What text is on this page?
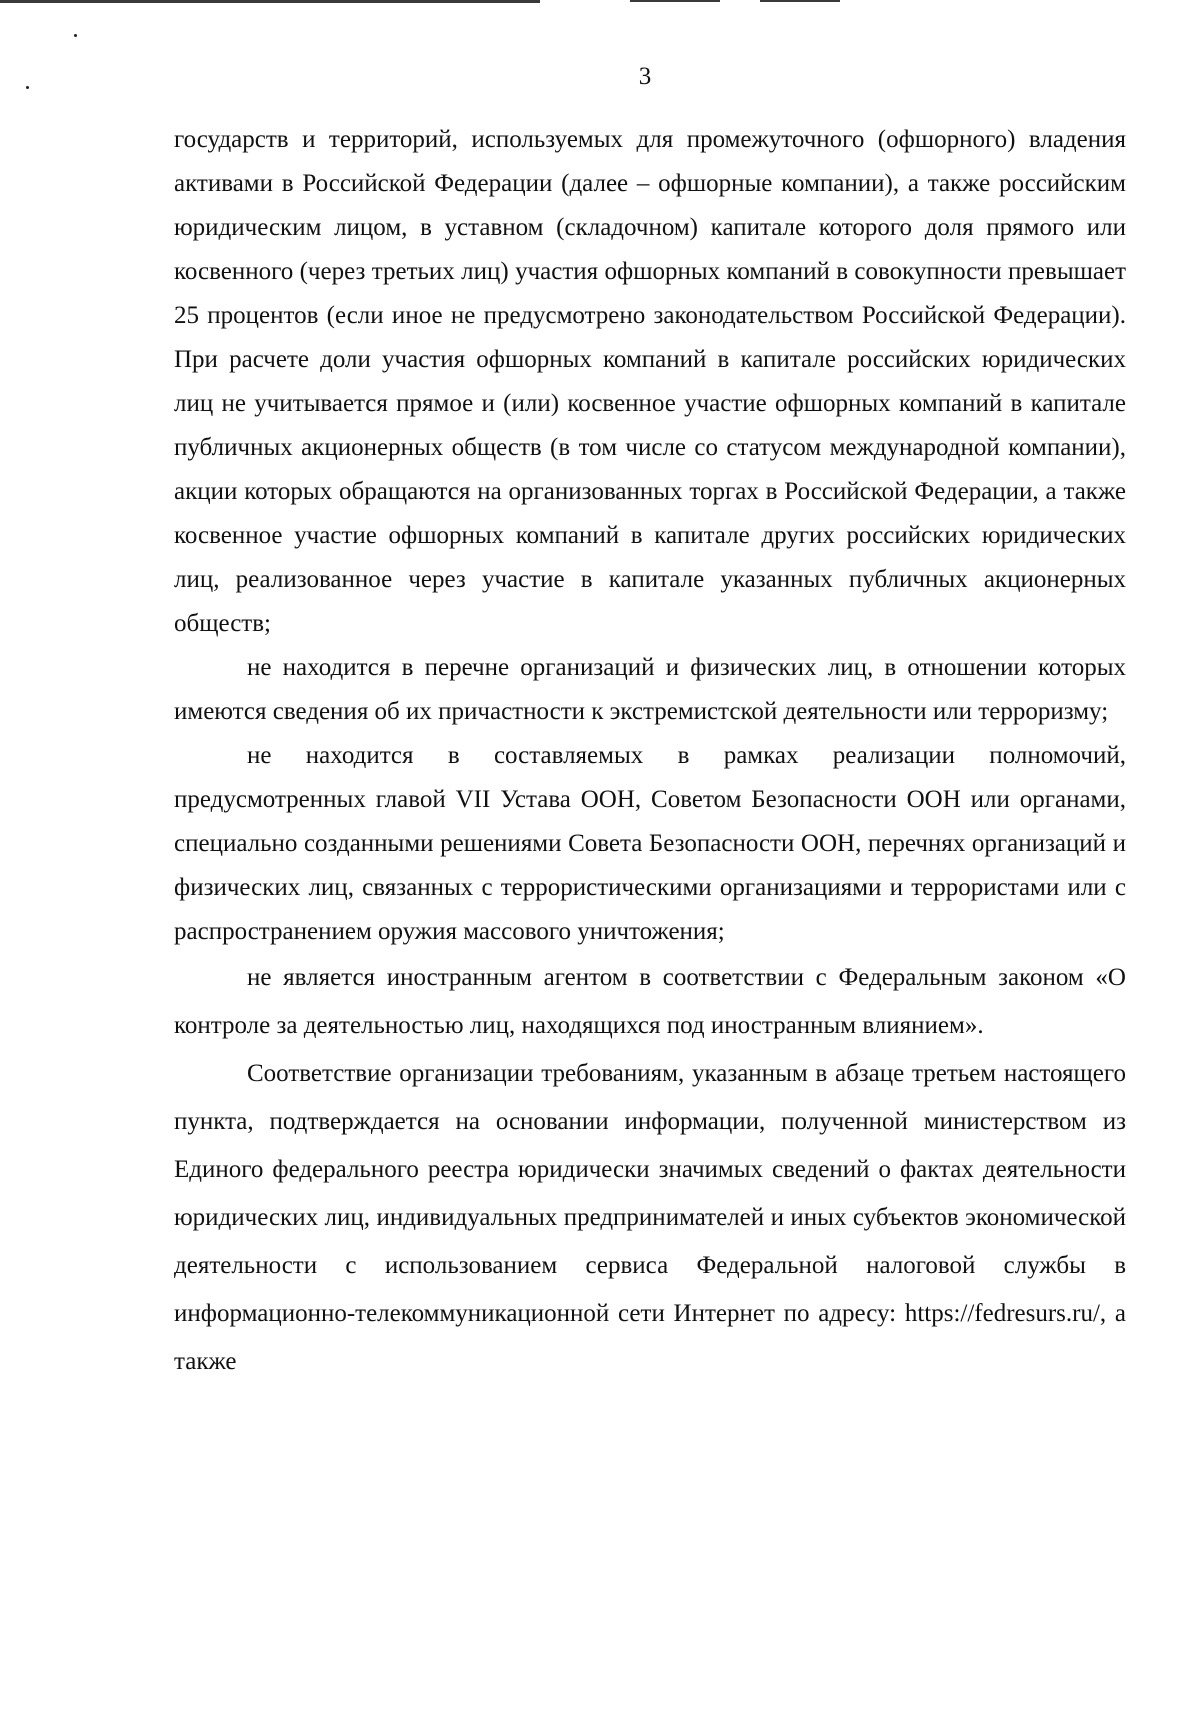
3

государств и территорий, используемых для промежуточного (офшорного) владения активами в Российской Федерации (далее – офшорные компании), а также российским юридическим лицом, в уставном (складочном) капитале которого доля прямого или косвенного (через третьих лиц) участия офшорных компаний в совокупности превышает 25 процентов (если иное не предусмотрено законодательством Российской Федерации). При расчете доли участия офшорных компаний в капитале российских юридических лиц не учитывается прямое и (или) косвенное участие офшорных компаний в капитале публичных акционерных обществ (в том числе со статусом международной компании), акции которых обращаются на организованных торгах в Российской Федерации, а также косвенное участие офшорных компаний в капитале других российских юридических лиц, реализованное через участие в капитале указанных публичных акционерных обществ;

не находится в перечне организаций и физических лиц, в отношении которых имеются сведения об их причастности к экстремистской деятельности или терроризму;

не находится в составляемых в рамках реализации полномочий, предусмотренных главой VII Устава ООН, Советом Безопасности ООН или органами, специально созданными решениями Совета Безопасности ООН, перечнях организаций и физических лиц, связанных с террористическими организациями и террористами или с распространением оружия массового уничтожения;

не является иностранным агентом в соответствии с Федеральным законом «О контроле за деятельностью лиц, находящихся под иностранным влиянием».

Соответствие организации требованиям, указанным в абзаце третьем настоящего пункта, подтверждается на основании информации, полученной министерством из Единого федерального реестра юридически значимых сведений о фактах деятельности юридических лиц, индивидуальных предпринимателей и иных субъектов экономической деятельности с использованием сервиса Федеральной налоговой службы в информационно-телекоммуникационной сети Интернет по адресу: https://fedresurs.ru/, а также
